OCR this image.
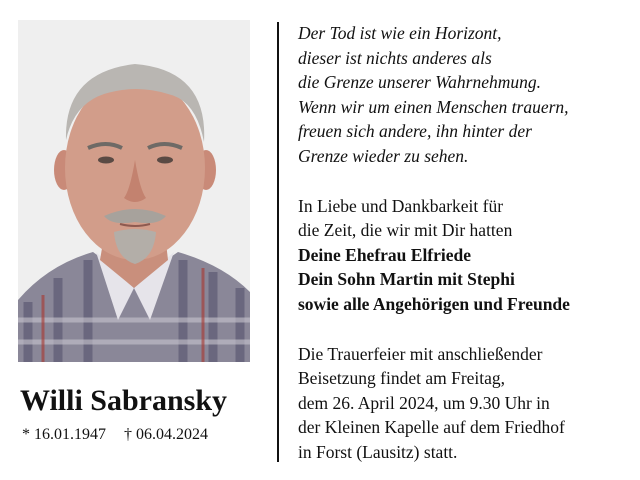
Willi Sabransky
* 16.01.1947 † 06.04.2024
Der Tod ist wie ein Horizont,
dieser ist nichts anderes als
die Grenze unserer Wahrnehmung.
Wenn wir um einen Menschen trauern,
freuen sich andere, ihn hinter der
Grenze wieder zu sehen.
In Liebe und Dankbarkeit für
die Zeit, die wir mit Dir hatten
Deine Ehefrau Elfriede
Dein Sohn Martin mit Stephi
sowie alle Angehörigen und Freunde
Die Trauerfeier mit anschließender
Beisetzung findet am Freitag,
dem 26. April 2024, um 9.30 Uhr in
der Kleinen Kapelle auf dem Friedhof
in Forst (Lausitz) statt.
